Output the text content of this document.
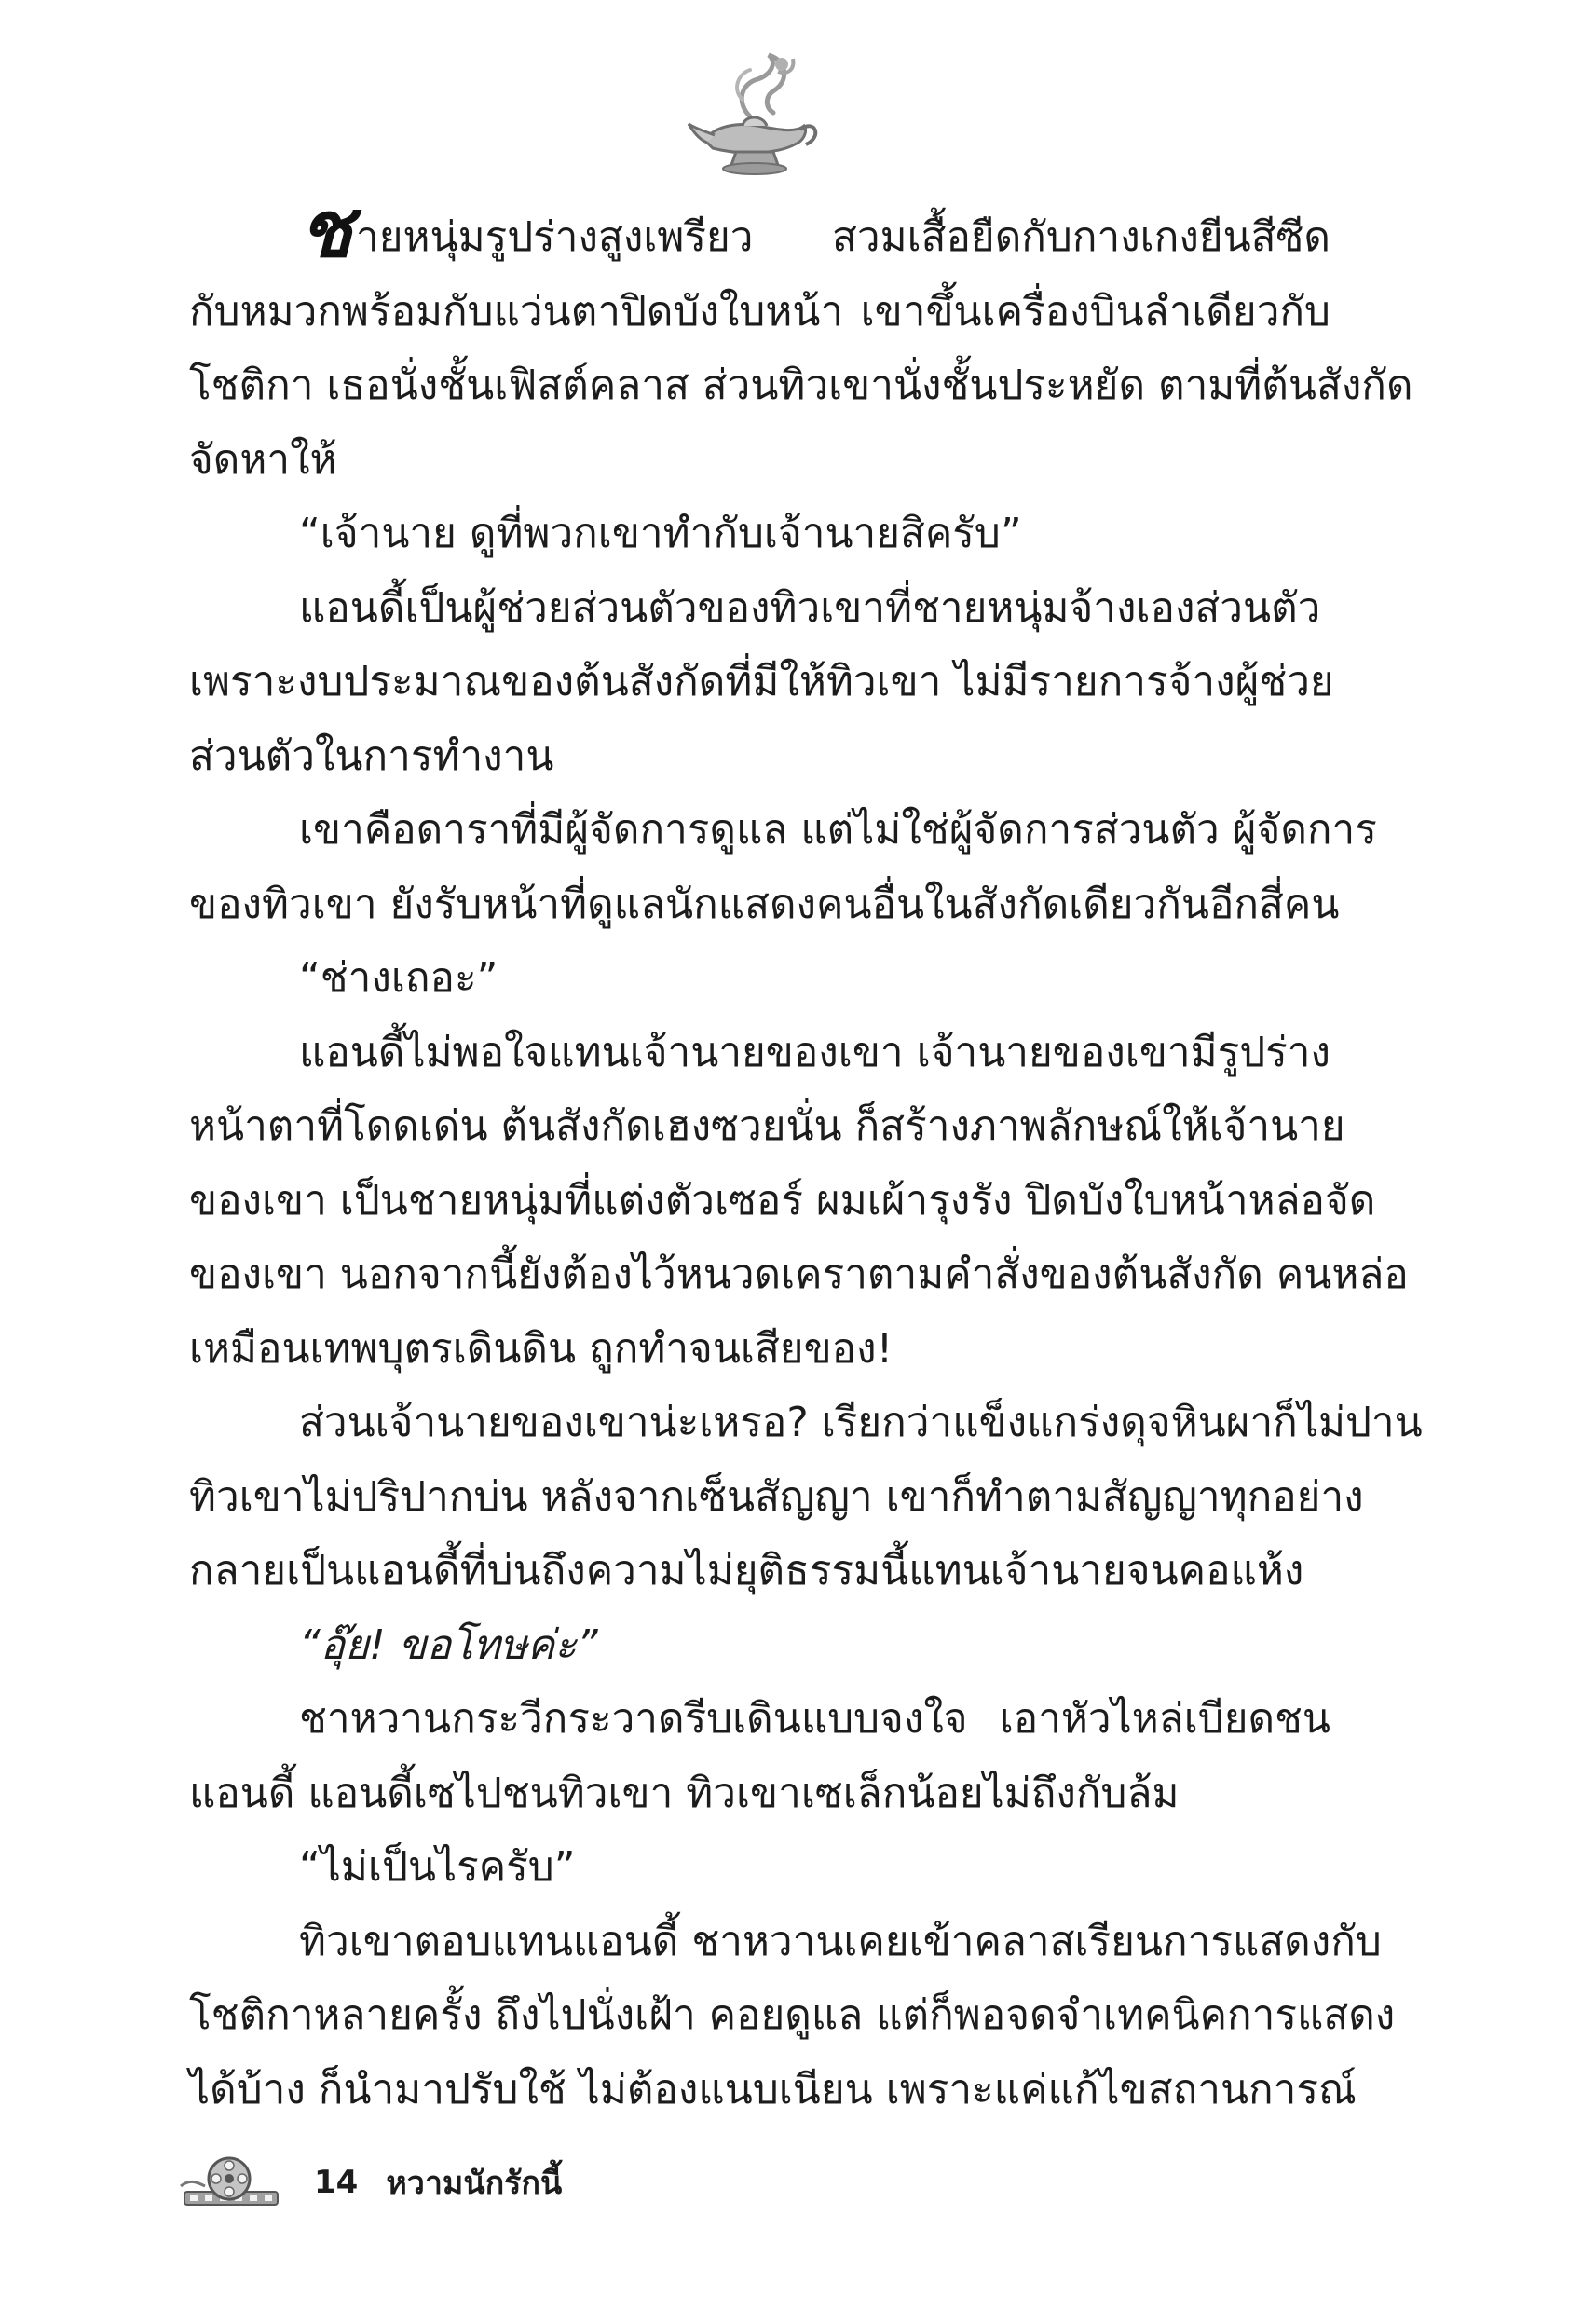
ชายหนุ่มรูปร่างสูงเพรียว สวมเสื้อยืดกับกางเกงยีนสีซีด
กับหมวกพร้อมกับแว่นตาปิดบังใบหน้า เขาขึ้นเครื่องบินลำเดียวกับ
โชติกา เธอนั่งชั้นเฟิสต์คลาส ส่วนทิวเขานั่งชั้นประหยัด ตามที่ต้นสังกัด
จัดหาให้
“เจ้านาย ดูที่พวกเขาทำกับเจ้านายสิครับ”
แอนดี้เป็นผู้ช่วยส่วนตัวของทิวเขาที่ชายหนุ่มจ้างเองส่วนตัว
เพราะงบประมาณของต้นสังกัดที่มีให้ทิวเขา ไม่มีรายการจ้างผู้ช่วย
ส่วนตัวในการทำงาน
เขาคือดาราที่มีผู้จัดการดูแล แต่ไม่ใช่ผู้จัดการส่วนตัว ผู้จัดการ
ของทิวเขา ยังรับหน้าที่ดูแลนักแสดงคนอื่นในสังกัดเดียวกันอีกสี่คน
“ช่างเถอะ”
แอนดี้ไม่พอใจแทนเจ้านายของเขา เจ้านายของเขามีรูปร่าง
หน้าตาที่โดดเด่น ต้นสังกัดเฮงซวยนั่น ก็สร้างภาพลักษณ์ให้เจ้านาย
ของเขา เป็นชายหนุ่มที่แต่งตัวเซอร์ ผมเผ้ารุงรัง ปิดบังใบหน้าหล่อจัด
ของเขา นอกจากนี้ยังต้องไว้หนวดเคราตามคำสั่งของต้นสังกัด คนหล่อ
เหมือนเทพบุตรเดินดิน ถูกทำจนเสียของ!
ส่วนเจ้านายของเขาน่ะเหรอ? เรียกว่าแข็งแกร่งดุจหินผาก็ไม่ปาน
ทิวเขาไม่ปริปากบ่น หลังจากเซ็นสัญญา เขาก็ทำตามสัญญาทุกอย่าง
กลายเป็นแอนดี้ที่บ่นถึงความไม่ยุติธรรมนี้แทนเจ้านายจนคอแห้ง
“อุ๊ย! ขอโทษค่ะ”
ชาหวานกระวีกระวาดรีบเดินแบบจงใจ เอาหัวไหล่เบียดชน
แอนดี้ แอนดี้เซไปชนทิวเขา ทิวเขาเซเล็กน้อยไม่ถึงกับล้ม
“ไม่เป็นไรครับ”
ทิวเขาตอบแทนแอนดี้ ชาหวานเคยเข้าคลาสเรียนการแสดงกับ
โชติกาหลายครั้ง ถึงไปนั่งเฝ้า คอยดูแล แต่ก็พอจดจำเทคนิคการแสดง
ได้บ้าง ก็นำมาปรับใช้ ไม่ต้องแนบเนียน เพราะแค่แก้ไขสถานการณ์
14 หวามนักรักนี้
